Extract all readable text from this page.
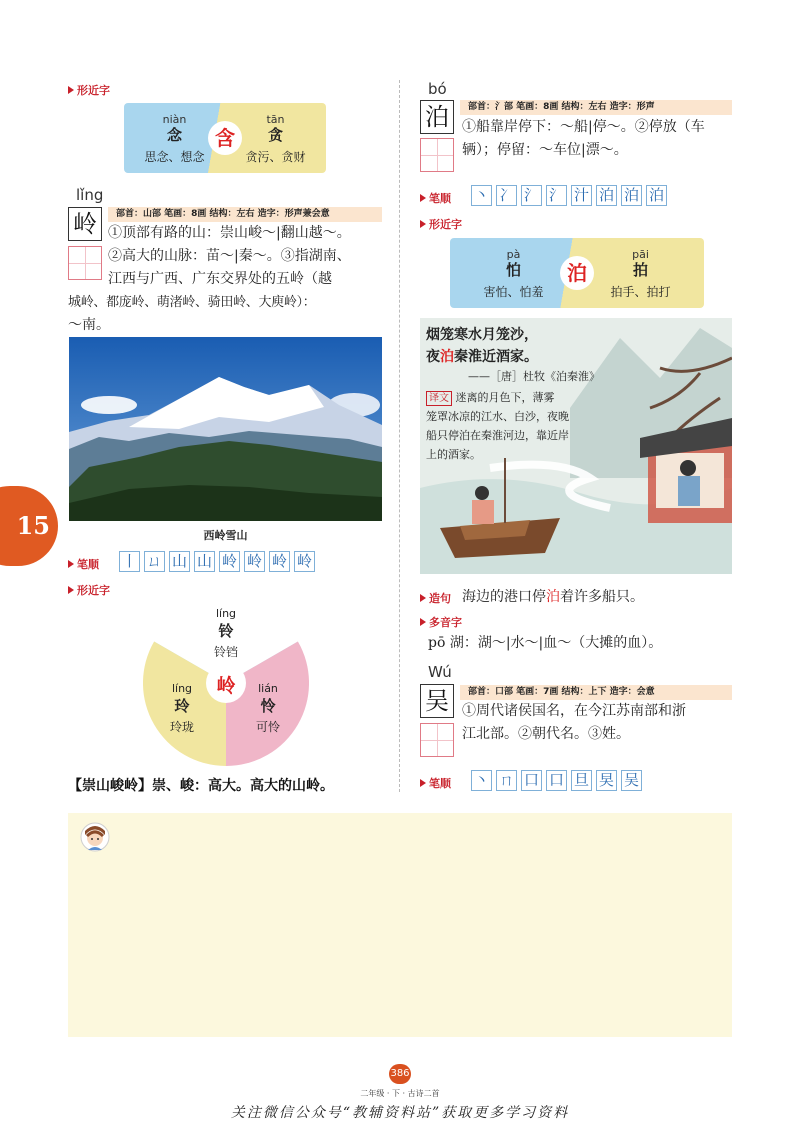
形近字
niàn
念
思念、想念
tān
贪
贪污、贪财
含
lǐng
岭	部首：山部 笔画：8画 结构：左右 造字：形声兼会意
①顶部有路的山：崇山峻～|翻山越～。
②高大的山脉：苗～|秦～。③指湖南、
江西与广西、广东交界处的五岭（越
城岭、都庞岭、萌渚岭、骑田岭、大庾岭）：
～南。
西岭雪山
15
笔顺 丨 ㄩ 山 山 岭 岭 岭 岭
形近字
岭
líng
铃
铃铛
líng
玲
玲珑
lián
怜
可怜
【崇山峻岭】崇、峻：高大。高大的山岭。
bó
泊	部首：氵部 笔画：8画 结构：左右 造字：形声
①船靠岸停下：～船|停～。②停放（车
辆）；停留：～车位|漂～。
笔顺 丶 冫 氵 氵 汁 泊 泊 泊
形近字
pà
怕
害怕、怕羞
pāi
拍
拍手、拍打
泊
烟笼寒水月笼沙，
夜泊秦淮近酒家。
——［唐］杜牧《泊秦淮》
译文 迷离的月色下，薄雾
笼罩冰凉的江水、白沙，夜晚
船只停泊在秦淮河边，靠近岸
上的酒家。
造句 海边的港口停泊着许多船只。
多音字
pō 湖：湖～|水～|血～（大摊的血）。
Wú
吴	部首：口部 笔画：7画 结构：上下 造字：会意
①周代诸侯国名，在今江苏南部和浙
江北部。②朝代名。③姓。
笔顺 丶 ㄇ 口 口 旦 旲 吴
386
二年级 · 下 · 古诗二首
关注微信公众号“教辅资料站”获取更多学习资料
